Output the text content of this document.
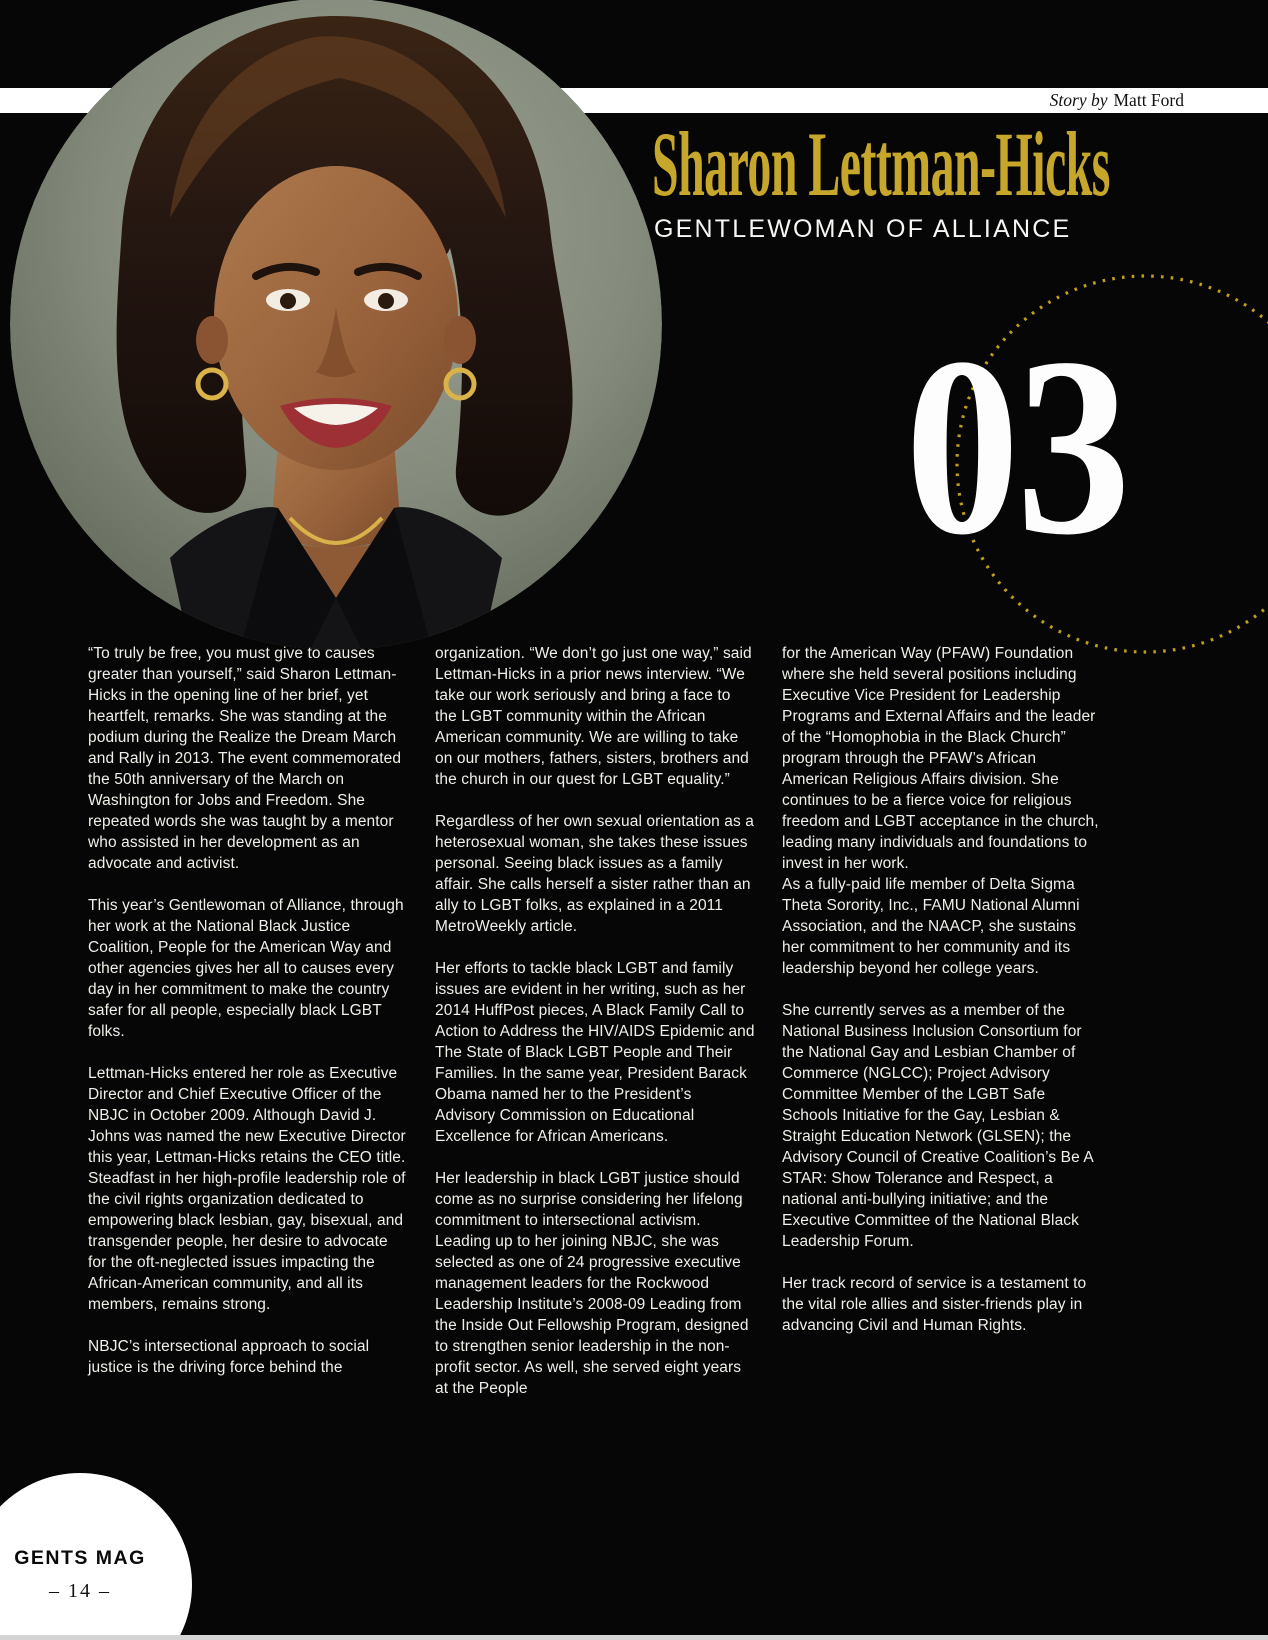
Story by Matt Ford
Sharon Lettman-Hicks
GENTLEWOMAN OF ALLIANCE
03

“To truly be free, you must give to causes greater than yourself,” said Sharon Lettman-Hicks in the opening line of her brief, yet heartfelt, remarks. She was standing at the podium during the Realize the Dream March and Rally in 2013. The event commemorated the 50th anniversary of the March on Washington for Jobs and Freedom. She repeated words she was taught by a mentor who assisted in her development as an advocate and activist.

This year’s Gentlewoman of Alliance, through her work at the National Black Justice Coalition, People for the American Way and other agencies gives her all to causes every day in her commitment to make the country safer for all people, especially black LGBT folks.

Lettman-Hicks entered her role as Executive Director and Chief Executive Officer of the NBJC in October 2009. Although David J. Johns was named the new Executive Director this year, Lettman-Hicks retains the CEO title. Steadfast in her high-profile leadership role of the civil rights organization dedicated to empowering black lesbian, gay, bisexual, and transgender people, her desire to advocate for the oft-neglected issues impacting the African-American community, and all its members, remains strong.

NBJC’s intersectional approach to social justice is the driving force behind the

organization. “We don’t go just one way,” said Lettman-Hicks in a prior news interview. “We take our work seriously and bring a face to the LGBT community within the African American community. We are willing to take on our mothers, fathers, sisters, brothers and the church in our quest for LGBT equality.”

Regardless of her own sexual orientation as a heterosexual woman, she takes these issues personal. Seeing black issues as a family affair. She calls herself a sister rather than an ally to LGBT folks, as explained in a 2011 MetroWeekly article.

Her efforts to tackle black LGBT and family issues are evident in her writing, such as her 2014 HuffPost pieces, A Black Family Call to Action to Address the HIV/AIDS Epidemic and The State of Black LGBT People and Their Families. In the same year, President Barack Obama named her to the President’s Advisory Commission on Educational Excellence for African Americans.

Her leadership in black LGBT justice should come as no surprise considering her lifelong commitment to intersectional activism. Leading up to her joining NBJC, she was selected as one of 24 progressive executive management leaders for the Rockwood Leadership Institute’s 2008-09 Leading from the Inside Out Fellowship Program, designed to strengthen senior leadership in the non-profit sector. As well, she served eight years at the People

for the American Way (PFAW) Foundation where she held several positions including Executive Vice President for Leadership Programs and External Affairs and the leader of the “Homophobia in the Black Church” program through the PFAW’s African American Religious Affairs division. She continues to be a fierce voice for religious freedom and LGBT acceptance in the church, leading many individuals and foundations to invest in her work.

As a fully-paid life member of Delta Sigma Theta Sorority, Inc., FAMU National Alumni Association, and the NAACP, she sustains her commitment to her community and its leadership beyond her college years.

She currently serves as a member of the National Business Inclusion Consortium for the National Gay and Lesbian Chamber of Commerce (NGLCC); Project Advisory Committee Member of the LGBT Safe Schools Initiative for the Gay, Lesbian & Straight Education Network (GLSEN); the Advisory Council of Creative Coalition’s Be A STAR: Show Tolerance and Respect, a national anti-bullying initiative; and the Executive Committee of the National Black Leadership Forum.

Her track record of service is a testament to the vital role allies and sister-friends play in advancing Civil and Human Rights.

GENTS MAG
– 14 –
